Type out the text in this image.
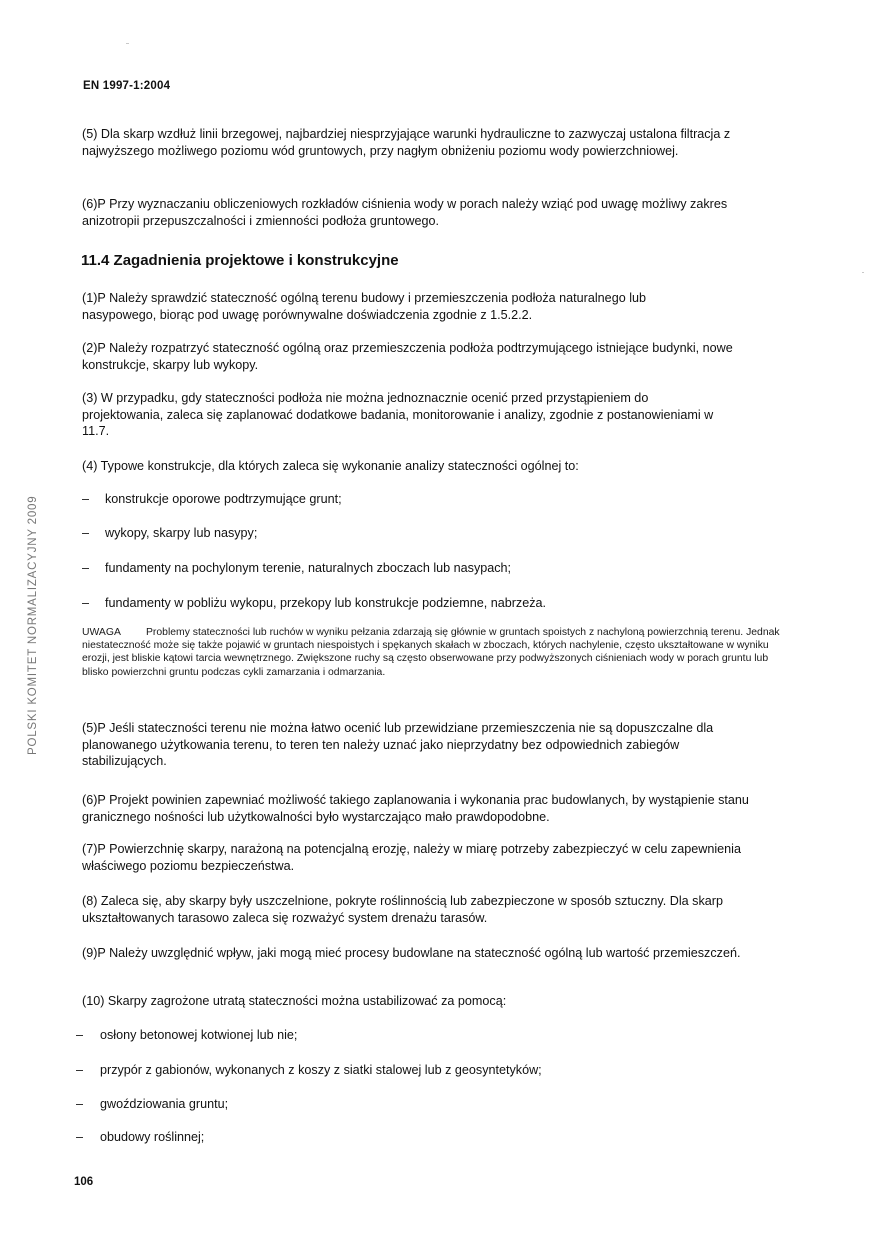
EN 1997-1:2004

(5) Dla skarp wzdłuż linii brzegowej, najbardziej niesprzyjające warunki hydrauliczne to zazwyczaj ustalona filtracja z najwyższego możliwego poziomu wód gruntowych, przy nagłym obniżeniu poziomu wody powierzchniowej.

(6)P Przy wyznaczaniu obliczeniowych rozkładów ciśnienia wody w porach należy wziąć pod uwagę możliwy zakres anizotropii przepuszczalności i zmienności podłoża gruntowego.

11.4 Zagadnienia projektowe i konstrukcyjne

(1)P Należy sprawdzić stateczność ogólną terenu budowy i przemieszczenia podłoża naturalnego lub nasypowego, biorąc pod uwagę porównywalne doświadczenia zgodnie z 1.5.2.2.

(2)P Należy rozpatrzyć stateczność ogólną oraz przemieszczenia podłoża podtrzymującego istniejące budynki, nowe konstrukcje, skarpy lub wykopy.

(3) W przypadku, gdy stateczności podłoża nie można jednoznacznie ocenić przed przystąpieniem do projektowania, zaleca się zaplanować dodatkowe badania, monitorowanie i analizy, zgodnie z postanowieniami w 11.7.

(4) Typowe konstrukcje, dla których zaleca się wykonanie analizy stateczności ogólnej to:

– konstrukcje oporowe podtrzymujące grunt;
– wykopy, skarpy lub nasypy;
– fundamenty na pochylonym terenie, naturalnych zboczach lub nasypach;
– fundamenty w pobliżu wykopu, przekopy lub konstrukcje podziemne, nabrzeża.

UWAGA Problemy stateczności lub ruchów w wyniku pełzania zdarzają się głównie w gruntach spoistych z nachyloną powierzchnią terenu. Jednak niestateczność może się także pojawić w gruntach niespoistych i spękanych skałach w zboczach, których nachylenie, często ukształtowane w wyniku erozji, jest bliskie kątowi tarcia wewnętrznego. Zwiększone ruchy są często obserwowane przy podwyższonych ciśnieniach wody w porach gruntu lub blisko powierzchni gruntu podczas cykli zamarzania i odmarzania.

(5)P Jeśli stateczności terenu nie można łatwo ocenić lub przewidziane przemieszczenia nie są dopuszczalne dla planowanego użytkowania terenu, to teren ten należy uznać jako nieprzydatny bez odpowiednich zabiegów stabilizujących.

(6)P Projekt powinien zapewniać możliwość takiego zaplanowania i wykonania prac budowlanych, by wystąpienie stanu granicznego nośności lub użytkowalności było wystarczająco mało prawdopodobne.

(7)P Powierzchnię skarpy, narażoną na potencjalną erozję, należy w miarę potrzeby zabezpieczyć w celu zapewnienia właściwego poziomu bezpieczeństwa.

(8) Zaleca się, aby skarpy były uszczelnione, pokryte roślinnością lub zabezpieczone w sposób sztuczny. Dla skarp ukształtowanych tarasowo zaleca się rozważyć system drenażu tarasów.

(9)P Należy uwzględnić wpływ, jaki mogą mieć procesy budowlane na stateczność ogólną lub wartość przemieszczeń.

(10) Skarpy zagrożone utratą stateczności można ustabilizować za pomocą:

– osłony betonowej kotwionej lub nie;
– przypór z gabionów, wykonanych z koszy z siatki stalowej lub z geosyntetyków;
– gwoździowania gruntu;
– obudowy roślinnej;
POLSKI KOMITET NORMALIZACYJNY 2009
106
